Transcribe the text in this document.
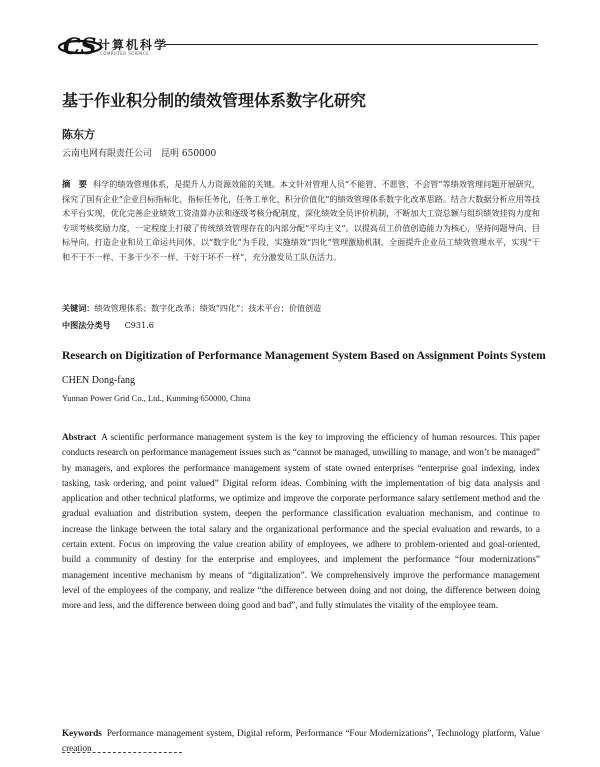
CS 计算机科学
COMPUTER SCIENCE
基于作业积分制的绩效管理体系数字化研究
陈东方
云南电网有限责任公司　昆明 650000

摘　要 科学的绩效管理体系，是提升人力资源效能的关键。本文针对管理人员“不能管、不愿管、不会管”等绩效管理问题开展研究，探究了国有企业“企业目标指标化，指标任务化，任务工单化，积分价值化”的绩效管理体系数字化改革思路。结合大数据分析应用等技术平台实现，优化完善企业绩效工资清算办法和逐级考核分配制度，深化绩效全员评价机制，不断加大工资总额与组织绩效挂钩力度和专项考核奖励力度，一定程度上打破了传统绩效管理存在的内部分配“平均主义”。以提高员工价值创造能力为核心，坚持问题导向、目标导向，打造企业和员工命运共同体，以“数字化”为手段，实施绩效“四化”管理激励机制，全面提升企业员工绩效管理水平，实现“干和不干不一样、干多干少不一样、干好干坏不一样”，充分激发员工队伍活力。

关键词：绩效管理体系；数字化改革；绩效“四化”；技术平台；价值创造

中图法分类号 C931.6

Research on Digitization of Performance Management System Based on Assignment Points System
CHEN Dong-fang
Yunnan Power Grid Co., Ltd., Kunming 650000, China

Abstract A scientific performance management system is the key to improving the efficiency of human resources. This paper conducts research on performance management issues such as “cannot be managed, unwilling to manage, and won’t be managed” by managers, and explores the performance management system of state owned enterprises “enterprise goal indexing, index tasking, task ordering, and point valued” Digital reform ideas. Combining with the implementation of big data analysis and application and other technical platforms, we optimize and improve the corporate performance salary settlement method and the gradual evaluation and distribution system, deepen the performance classification evaluation mechanism, and continue to increase the linkage between the total salary and the organizational performance and the special evaluation and rewards, to a certain extent. Focus on improving the value creation ability of employees, we adhere to problem-oriented and goal-oriented, build a community of destiny for the enterprise and employees, and implement the performance “four modernizations” management incentive mechanism by means of “digitalization”. We comprehensively improve the performance management level of the employees of the company, and realize “the difference between doing and not doing, the difference between doing more and less, and the difference between doing good and bad”, and fully stimulates the vitality of the employee team.

Keywords Performance management system, Digital reform, Performance “Four Modernizations”, Technology platform, Value creation
